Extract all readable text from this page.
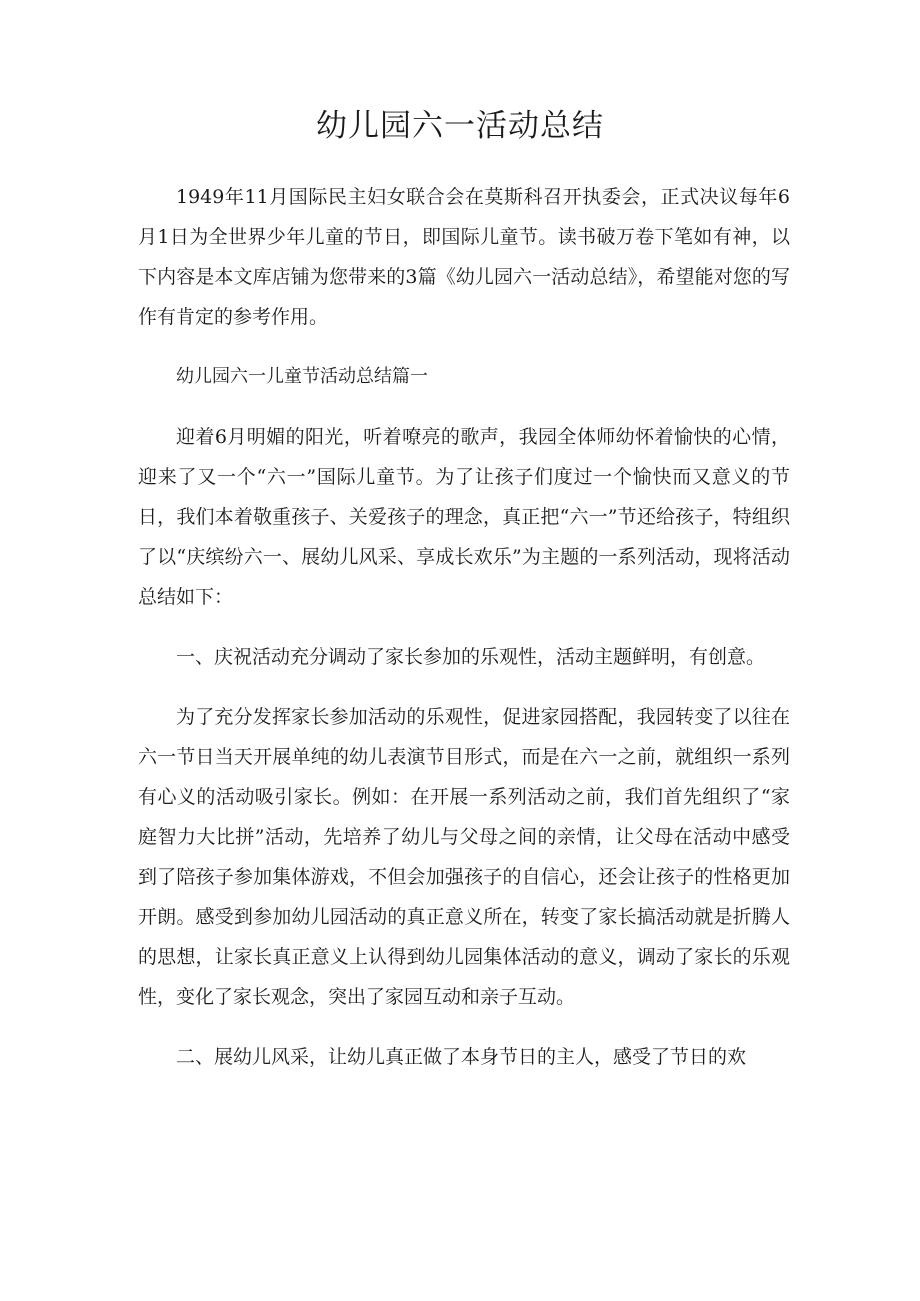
幼儿园六一活动总结

1949年11月国际民主妇女联合会在莫斯科召开执委会，正式决议每年6月1日为全世界少年儿童的节日，即国际儿童节。读书破万卷下笔如有神，以下内容是本文库店铺为您带来的3篇《幼儿园六一活动总结》，希望能对您的写作有肯定的参考作用。

幼儿园六一儿童节活动总结篇一

迎着6月明媚的阳光，听着嘹亮的歌声，我园全体师幼怀着愉快的心情，迎来了又一个“六一”国际儿童节。为了让孩子们度过一个愉快而又意义的节日，我们本着敬重孩子、关爱孩子的理念，真正把“六一”节还给孩子，特组织了以“庆缤纷六一、展幼儿风采、享成长欢乐”为主题的一系列活动，现将活动总结如下：

一、庆祝活动充分调动了家长参加的乐观性，活动主题鲜明，有创意。

为了充分发挥家长参加活动的乐观性，促进家园搭配，我园转变了以往在六一节日当天开展单纯的幼儿表演节目形式，而是在六一之前，就组织一系列有心义的活动吸引家长。例如：在开展一系列活动之前，我们首先组织了“家庭智力大比拼”活动，先培养了幼儿与父母之间的亲情，让父母在活动中感受到了陪孩子参加集体游戏，不但会加强孩子的自信心，还会让孩子的性格更加开朗。感受到参加幼儿园活动的真正意义所在，转变了家长搞活动就是折腾人的思想，让家长真正意义上认得到幼儿园集体活动的意义，调动了家长的乐观性，变化了家长观念，突出了家园互动和亲子互动。

二、展幼儿风采，让幼儿真正做了本身节日的主人，感受了节日的欢
